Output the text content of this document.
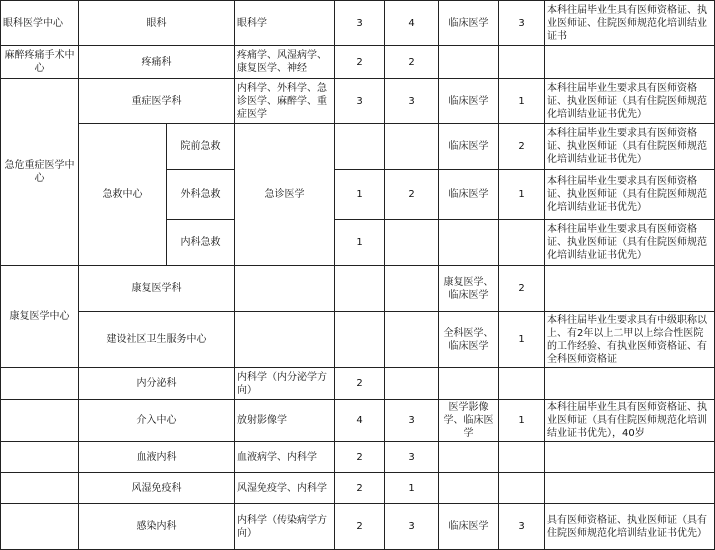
眼科医学中心	眼科		眼科学	3	4	临床医学	3	本科往届毕业生具有医师资格证、执业医师证、住院医师规范化培训结业证书
麻醉疼痛手术中心	疼痛科		疼痛学、风湿病学、康复医学、神经	2	2			
急危重症医学中心	重症医学科		内科学、外科学、急诊医学、麻醉学、重症医学	3	3	临床医学	1	本科往届毕业生要求具有医师资格证、执业医师证（具有住院医师规范化培训结业证书优先）
	急救中心	院前急救	急诊医学			临床医学	2	本科往届毕业生要求具有医师资格证、执业医师证（具有住院医师规范化培训结业证书优先）
		外科急救		1	2	临床医学	1	本科往届毕业生要求具有医师资格证、执业医师证（具有住院医师规范化培训结业证书优先）
		内科急救		1				本科往届毕业生要求具有医师资格证、执业医师证（具有住院医师规范化培训结业证书优先）
康复医学中心	康复医学科					康复医学、临床医学	2	
	建设社区卫生服务中心					全科医学、临床医学	1	本科往届毕业生要求具有中级职称以上、有2年以上二甲以上综合性医院的工作经验、有执业医师资格证、有全科医师资格证
	内分泌科		内科学（内分泌学方向）	2				
	介入中心		放射影像学	4	3	医学影像学、临床医学	1	本科往届毕业生具有医师资格证、执业医师证（具有住院医师规范化培训结业证书优先），40岁
	血液内科		血液病学、内科学	2	3			
	风湿免疫科		风湿免疫学、内科学	2	1			
	感染内科		内科学（传染病学方向）	2	3	临床医学	3	具有医师资格证、执业医师证（具有住院医师规范化培训结业证书优先）
